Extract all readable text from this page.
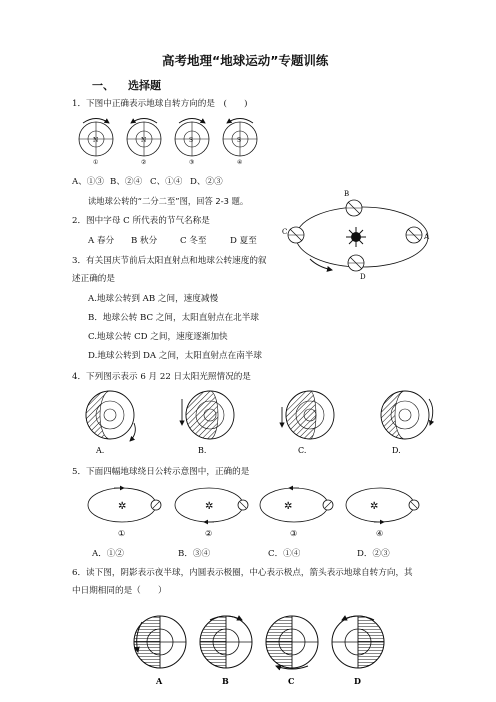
高考地理“地球运动”专题训练
一、 选择题
1．下图中正确表示地球自转方向的是　(　　)
N
①
N
②
S
③
S
④
A、①③ B、②④ C、①④ D、②③
读地球公转的“二分二至”图，回答 2-3 题。
B
C
A
D
2．图中字母 C 所代表的节气名称是
A 春分 B 秋分	C 冬至	D 夏至
3．有关国庆节前后太阳直射点和地球公转速度的叙
述正确的是
A.地球公转到 AB 之间，速度减慢
B．地球公转 BC 之间，太阳直射点在北半球
C.地球公转 CD 之间，速度逐渐加快
D.地球公转到 DA 之间，太阳直射点在南半球
4．下列图示表示 6 月 22 日太阳光照情况的是
A.	B.	C.	D.
5．下面四幅地球绕日公转示意图中，正确的是
✲
①
✲
②
✲
③
✲
④
A．①②	B．③④	C．①④	D．②③
6．读下图，阴影表示夜半球，内圆表示极圈，中心表示极点，箭头表示地球自转方向，其
中日期相同的是（　　）
A	B	C	D
